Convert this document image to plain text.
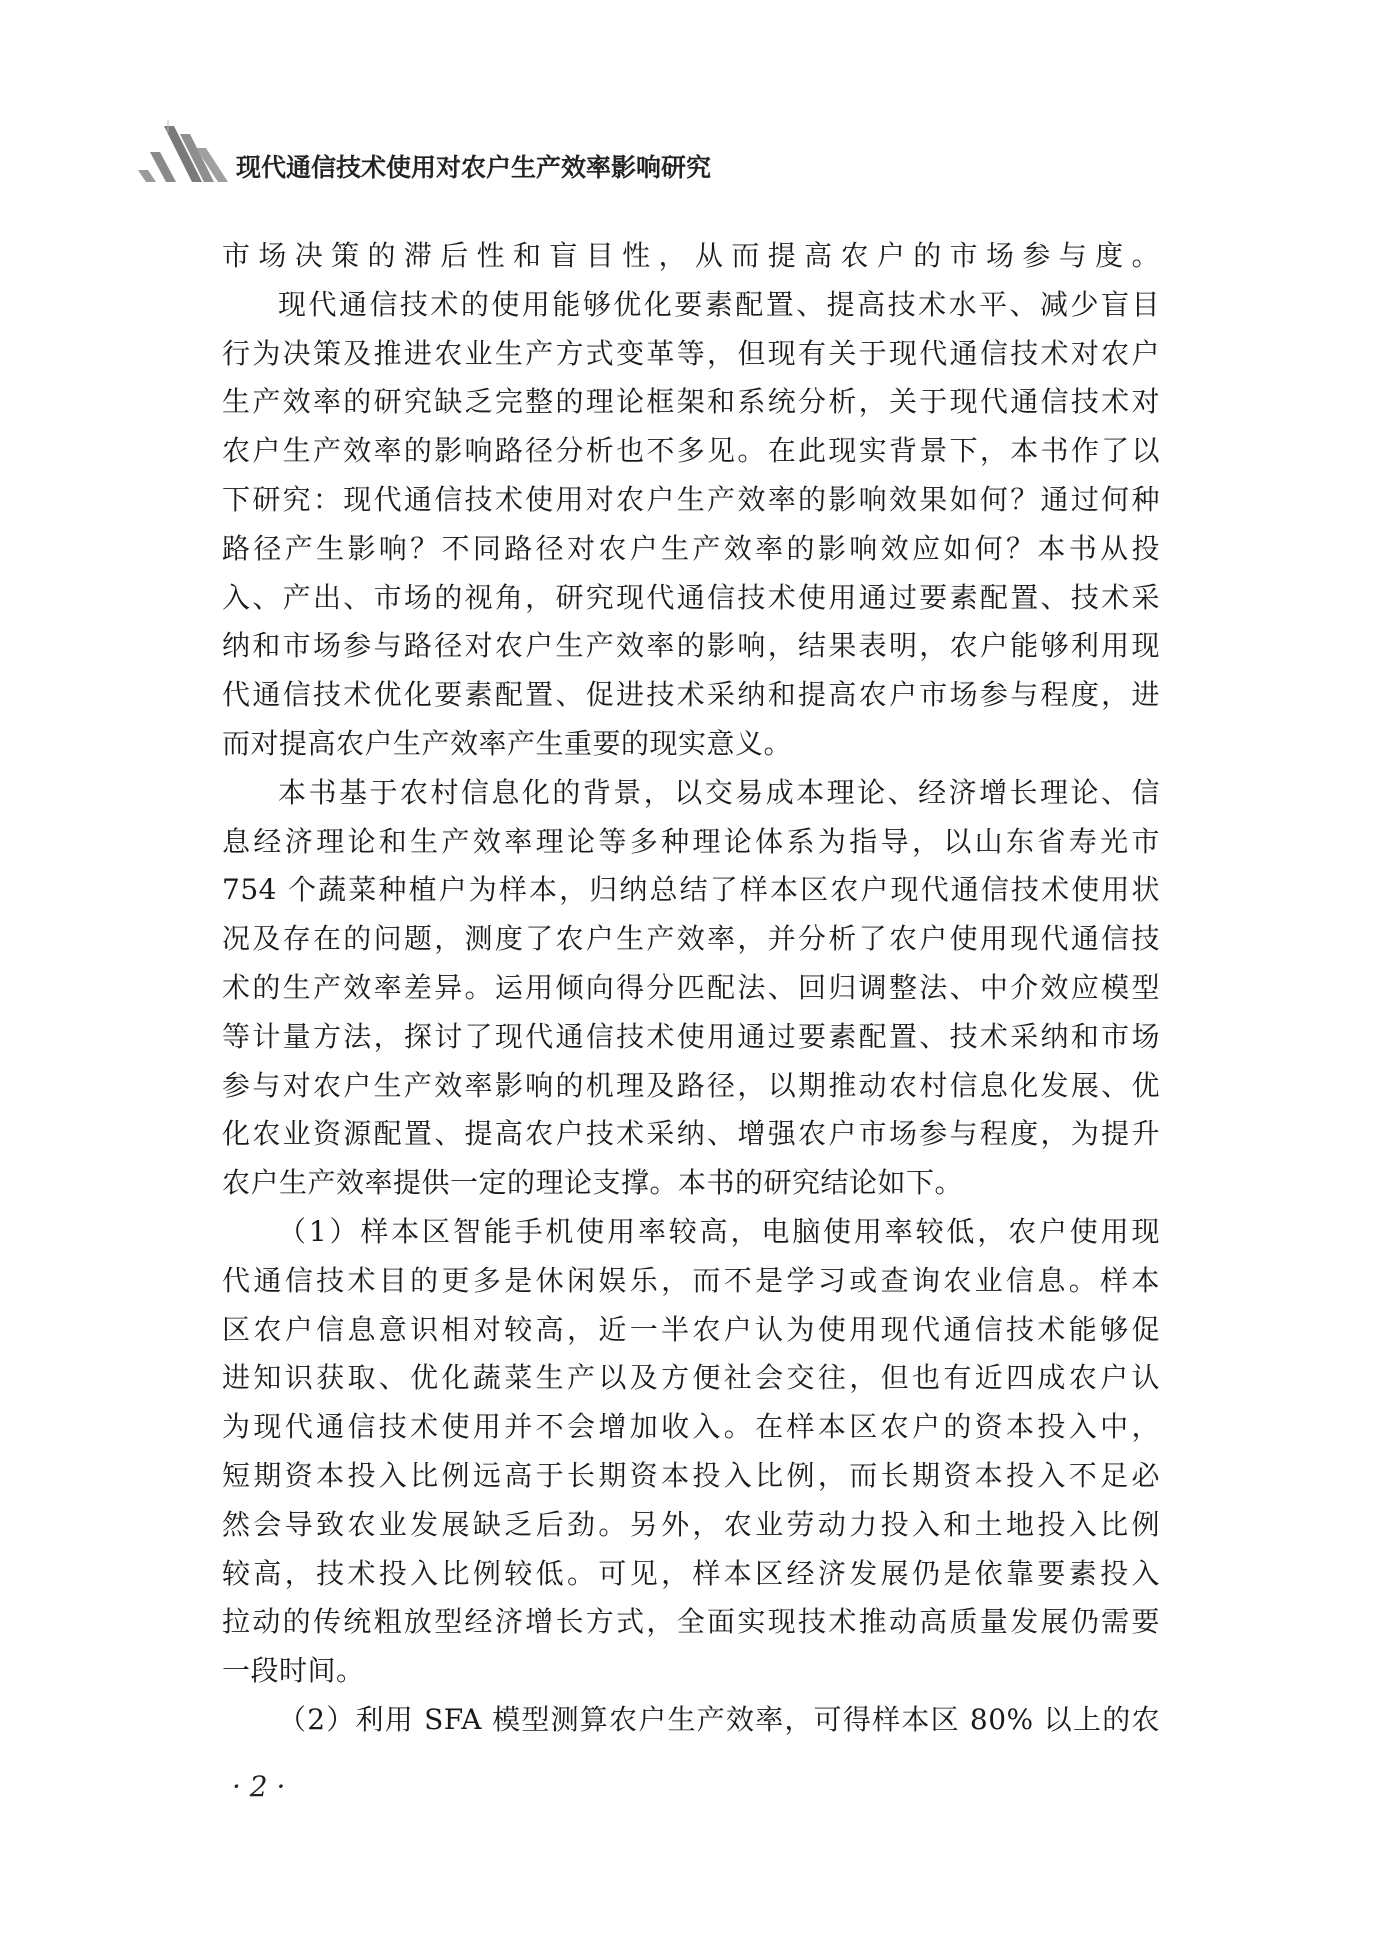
现代通信技术使用对农户生产效率影响研究
市场决策的滞后性和盲目性，从而提高农户的市场参与度。
现代通信技术的使用能够优化要素配置、提高技术水平、减少盲目
行为决策及推进农业生产方式变革等，但现有关于现代通信技术对农户
生产效率的研究缺乏完整的理论框架和系统分析，关于现代通信技术对
农户生产效率的影响路径分析也不多见。在此现实背景下，本书作了以
下研究：现代通信技术使用对农户生产效率的影响效果如何？通过何种
路径产生影响？不同路径对农户生产效率的影响效应如何？本书从投
入、产出、市场的视角，研究现代通信技术使用通过要素配置、技术采
纳和市场参与路径对农户生产效率的影响，结果表明，农户能够利用现
代通信技术优化要素配置、促进技术采纳和提高农户市场参与程度，进
而对提高农户生产效率产生重要的现实意义。
本书基于农村信息化的背景，以交易成本理论、经济增长理论、信
息经济理论和生产效率理论等多种理论体系为指导，以山东省寿光市
754 个蔬菜种植户为样本，归纳总结了样本区农户现代通信技术使用状
况及存在的问题，测度了农户生产效率，并分析了农户使用现代通信技
术的生产效率差异。运用倾向得分匹配法、回归调整法、中介效应模型
等计量方法，探讨了现代通信技术使用通过要素配置、技术采纳和市场
参与对农户生产效率影响的机理及路径，以期推动农村信息化发展、优
化农业资源配置、提高农户技术采纳、增强农户市场参与程度，为提升
农户生产效率提供一定的理论支撑。本书的研究结论如下。
（1）样本区智能手机使用率较高，电脑使用率较低，农户使用现
代通信技术目的更多是休闲娱乐，而不是学习或查询农业信息。样本
区农户信息意识相对较高，近一半农户认为使用现代通信技术能够促
进知识获取、优化蔬菜生产以及方便社会交往，但也有近四成农户认
为现代通信技术使用并不会增加收入。在样本区农户的资本投入中，
短期资本投入比例远高于长期资本投入比例，而长期资本投入不足必
然会导致农业发展缺乏后劲。另外，农业劳动力投入和土地投入比例
较高，技术投入比例较低。可见，样本区经济发展仍是依靠要素投入
拉动的传统粗放型经济增长方式，全面实现技术推动高质量发展仍需要
一段时间。
（2）利用 SFA 模型测算农户生产效率，可得样本区 80% 以上的农
· 2 ·
